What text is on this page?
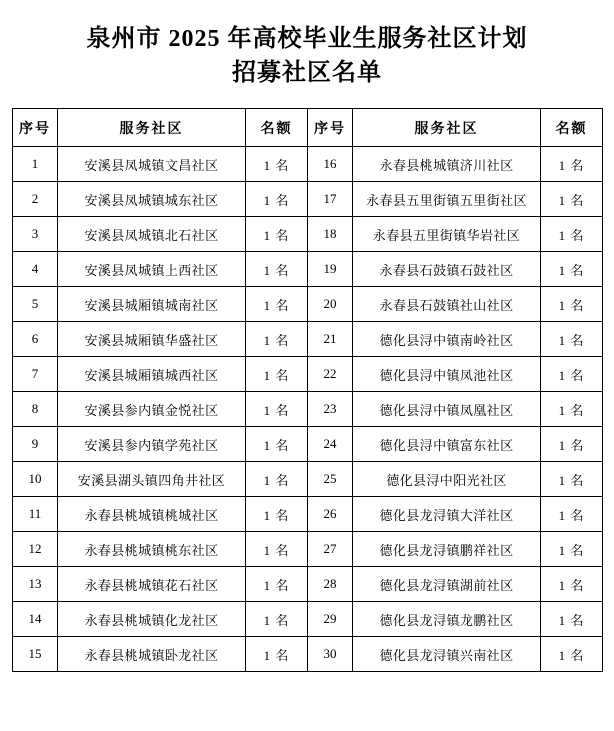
泉州市 2025 年高校毕业生服务社区计划
招募社区名单
序号	服务社区	名额	序号	服务社区	名额
1	安溪县凤城镇文昌社区	1 名	16	永春县桃城镇济川社区	1 名
2	安溪县凤城镇城东社区	1 名	17	永春县五里街镇五里街社区	1 名
3	安溪县凤城镇北石社区	1 名	18	永春县五里街镇华岩社区	1 名
4	安溪县凤城镇上西社区	1 名	19	永春县石鼓镇石鼓社区	1 名
5	安溪县城厢镇城南社区	1 名	20	永春县石鼓镇社山社区	1 名
6	安溪县城厢镇华盛社区	1 名	21	德化县浔中镇南岭社区	1 名
7	安溪县城厢镇城西社区	1 名	22	德化县浔中镇凤池社区	1 名
8	安溪县参内镇金悦社区	1 名	23	德化县浔中镇凤凰社区	1 名
9	安溪县参内镇学苑社区	1 名	24	德化县浔中镇富东社区	1 名
10	安溪县湖头镇四角井社区	1 名	25	德化县浔中阳光社区	1 名
11	永春县桃城镇桃城社区	1 名	26	德化县龙浔镇大洋社区	1 名
12	永春县桃城镇桃东社区	1 名	27	德化县龙浔镇鹏祥社区	1 名
13	永春县桃城镇花石社区	1 名	28	德化县龙浔镇湖前社区	1 名
14	永春县桃城镇化龙社区	1 名	29	德化县龙浔镇龙鹏社区	1 名
15	永春县桃城镇卧龙社区	1 名	30	德化县龙浔镇兴南社区	1 名
